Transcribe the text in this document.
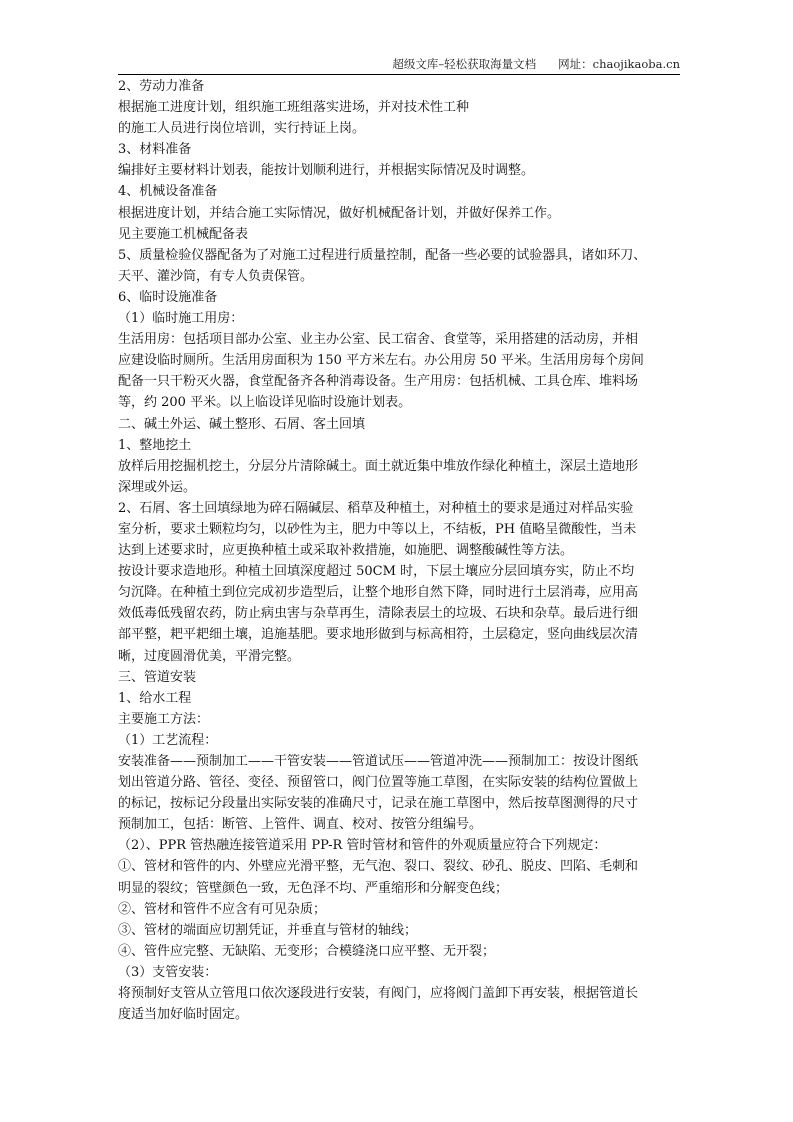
超级文库–轻松获取海量文档 网址：chaojikaoba.cn
2、劳动力准备
根据施工进度计划，组织施工班组落实进场，并对技术性工种
的施工人员进行岗位培训，实行持证上岗。
3、材料准备
编排好主要材料计划表，能按计划顺利进行，并根据实际情况及时调整。
4、机械设备准备
根据进度计划，并结合施工实际情况，做好机械配备计划，并做好保养工作。
见主要施工机械配备表
5、质量检验仪器配备为了对施工过程进行质量控制，配备一些必要的试验器具，诸如环刀、
天平、灌沙筒，有专人负责保管。
6、临时设施准备
（1）临时施工用房：
生活用房：包括项目部办公室、业主办公室、民工宿舍、食堂等，采用搭建的活动房，并相
应建设临时厕所。生活用房面积为 150 平方米左右。办公用房 50 平米。生活用房每个房间
配备一只干粉灭火器，食堂配备齐各种消毒设备。生产用房：包括机械、工具仓库、堆料场
等，约 200 平米。以上临设详见临时设施计划表。
二、碱土外运、碱土整形、石屑、客土回填
1、整地挖土
放样后用挖掘机挖土，分层分片清除碱土。面土就近集中堆放作绿化种植土，深层土造地形
深埋或外运。
2、石屑、客土回填绿地为碎石隔碱层、稻草及种植土，对种植土的要求是通过对样品实验
室分析，要求土颗粒均匀，以砂性为主，肥力中等以上，不结板，PH 值略呈微酸性，当未
达到上述要求时，应更换种植土或采取补救措施，如施肥、调整酸碱性等方法。
按设计要求造地形。种植土回填深度超过 50CM 时，下层土壤应分层回填夯实，防止不均
匀沉降。在种植土到位完成初步造型后，让整个地形自然下降，同时进行土层消毒，应用高
效低毒低残留农药，防止病虫害与杂草再生，清除表层土的垃圾、石块和杂草。最后进行细
部平整，耙平耙细土壤，追施基肥。要求地形做到与标高相符，土层稳定，竖向曲线层次清
晰，过度圆滑优美，平滑完整。
三、管道安装
1、给水工程
主要施工方法：
（1）工艺流程：
安装准备——预制加工——干管安装——管道试压——管道冲洗——预制加工：按设计图纸
划出管道分路、管径、变径、预留管口，阀门位置等施工草图，在实际安装的结构位置做上
的标记，按标记分段量出实际安装的准确尺寸，记录在施工草图中，然后按草图测得的尺寸
预制加工，包括：断管、上管件、调直、校对、按管分组编号。
（2）、PPR 管热融连接管道采用 PP-R 管时管材和管件的外观质量应符合下列规定：
①、管材和管件的内、外壁应光滑平整，无气泡、裂口、裂纹、砂孔、脱皮、凹陷、毛刺和
明显的裂纹；管壁颜色一致，无色泽不均、严重缩形和分解变色线；
②、管材和管件不应含有可见杂质；
③、管材的端面应切割凭证，并垂直与管材的轴线；
④、管件应完整、无缺陷、无变形；合模缝浇口应平整、无开裂；
（3）支管安装：
将预制好支管从立管甩口依次逐段进行安装，有阀门，应将阀门盖卸下再安装，根据管道长
度适当加好临时固定。
